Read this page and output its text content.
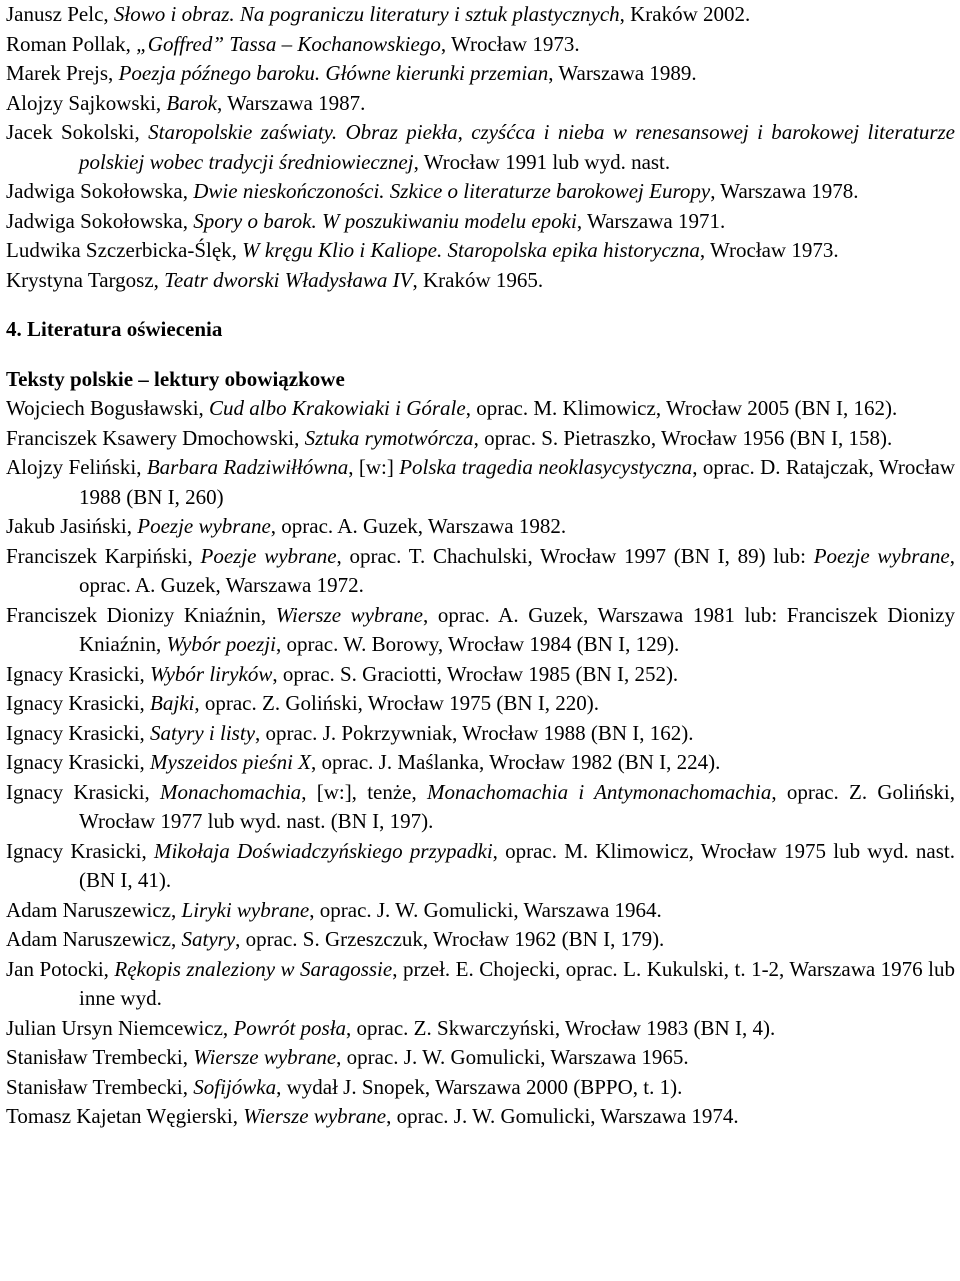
Janusz Pelc, Słowo i obraz. Na pograniczu literatury i sztuk plastycznych, Kraków 2002.
Roman Pollak, „Goffred” Tassa – Kochanowskiego, Wrocław 1973.
Marek Prejs, Poezja późnego baroku. Główne kierunki przemian, Warszawa 1989.
Alojzy Sajkowski, Barok, Warszawa 1987.
Jacek Sokolski, Staropolskie zaświaty. Obraz piekła, czyśćca i nieba w renesansowej i barokowej literaturze polskiej wobec tradycji średniowiecznej, Wrocław 1991 lub wyd. nast.
Jadwiga Sokołowska, Dwie nieskończoności. Szkice o literaturze barokowej Europy, Warszawa 1978.
Jadwiga Sokołowska, Spory o barok. W poszukiwaniu modelu epoki, Warszawa 1971.
Ludwika Szczerbicka-Ślęk, W kręgu Klio i Kaliope. Staropolska epika historyczna, Wrocław 1973.
Krystyna Targosz, Teatr dworski Władysława IV, Kraków 1965.
4. Literatura oświecenia
Teksty polskie – lektury obowiązkowe
Wojciech Bogusławski, Cud albo Krakowiaki i Górale, oprac. M. Klimowicz, Wrocław 2005 (BN I, 162).
Franciszek Ksawery Dmochowski, Sztuka rymotwórcza, oprac. S. Pietraszko, Wrocław 1956 (BN I, 158).
Alojzy Feliński, Barbara Radziwiłłówna, [w:] Polska tragedia neoklasycystyczna, oprac. D. Ratajczak, Wrocław 1988 (BN I, 260)
Jakub Jasiński, Poezje wybrane, oprac. A. Guzek, Warszawa 1982.
Franciszek Karpiński, Poezje wybrane, oprac. T. Chachulski, Wrocław 1997 (BN I, 89) lub: Poezje wybrane, oprac. A. Guzek, Warszawa 1972.
Franciszek Dionizy Kniaźnin, Wiersze wybrane, oprac. A. Guzek, Warszawa 1981 lub: Franciszek Dionizy Kniaźnin, Wybór poezji, oprac. W. Borowy, Wrocław 1984 (BN I, 129).
Ignacy Krasicki, Wybór liryków, oprac. S. Graciotti, Wrocław 1985 (BN I, 252).
Ignacy Krasicki, Bajki, oprac. Z. Goliński, Wrocław 1975 (BN I, 220).
Ignacy Krasicki, Satyry i listy, oprac. J. Pokrzywniak, Wrocław 1988 (BN I, 162).
Ignacy Krasicki, Myszeidos pieśni X, oprac. J. Maślanka, Wrocław 1982 (BN I, 224).
Ignacy Krasicki, Monachomachia, [w:], tenże, Monachomachia i Antymonachomachia, oprac. Z. Goliński, Wrocław 1977 lub wyd. nast. (BN I, 197).
Ignacy Krasicki, Mikołaja Doświadczyńskiego przypadki, oprac. M. Klimowicz, Wrocław 1975 lub wyd. nast. (BN I, 41).
Adam Naruszewicz, Liryki wybrane, oprac. J. W. Gomulicki, Warszawa 1964.
Adam Naruszewicz, Satyry, oprac. S. Grzeszczuk, Wrocław 1962 (BN I, 179).
Jan Potocki, Rękopis znaleziony w Saragossie, przeł. E. Chojecki, oprac. L. Kukulski, t. 1-2, Warszawa 1976 lub inne wyd.
Julian Ursyn Niemcewicz, Powrót posła, oprac. Z. Skwarczyński, Wrocław 1983 (BN I, 4).
Stanisław Trembecki, Wiersze wybrane, oprac. J. W. Gomulicki, Warszawa 1965.
Stanisław Trembecki, Sofijówka, wydał J. Snopek, Warszawa 2000 (BPPO, t. 1).
Tomasz Kajetan Węgierski, Wiersze wybrane, oprac. J. W. Gomulicki, Warszawa 1974.
